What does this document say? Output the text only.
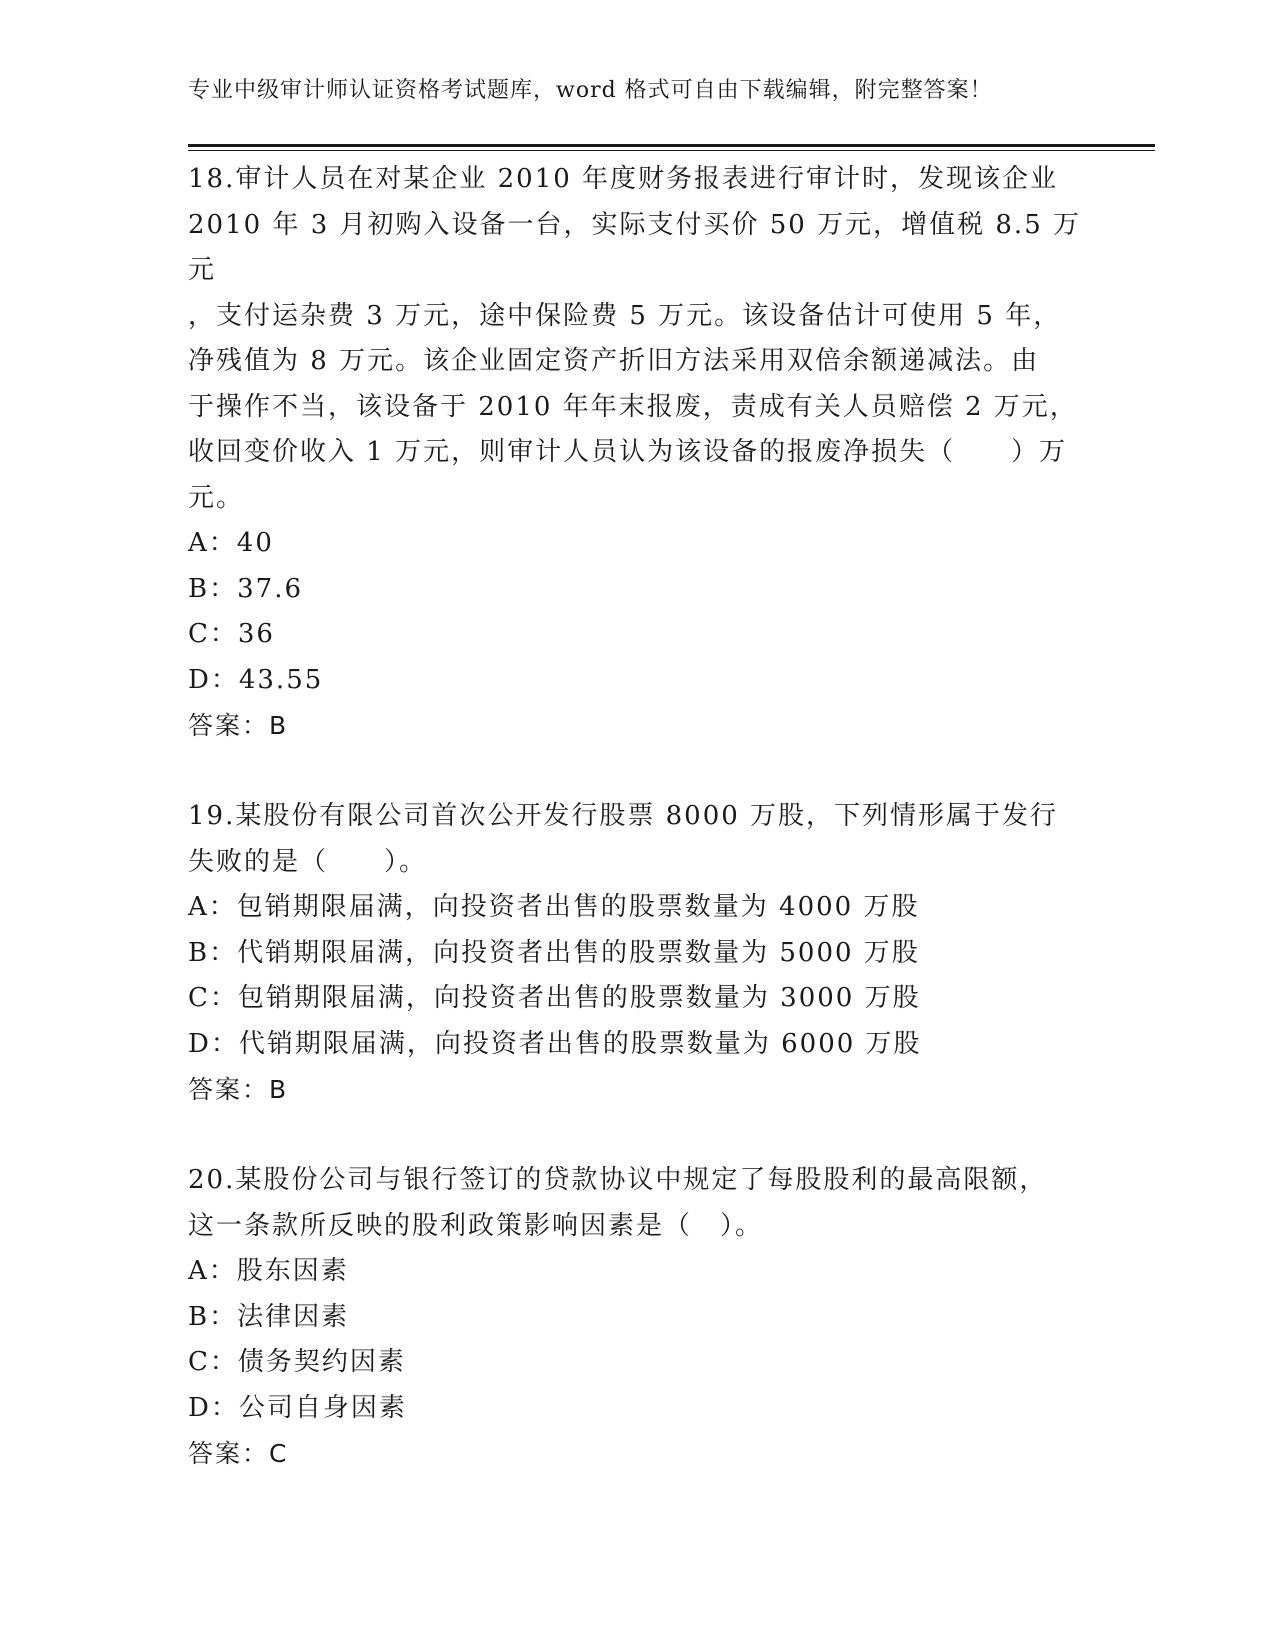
专业中级审计师认证资格考试题库，word 格式可自由下载编辑，附完整答案！

18.审计人员在对某企业 2010 年度财务报表进行审计时，发现该企业

2010 年 3 月初购入设备一台，实际支付买价 50 万元，增值税 8.5 万元

，支付运杂费 3 万元，途中保险费 5 万元。该设备估计可使用 5 年，

净残值为 8 万元。该企业固定资产折旧方法采用双倍余额递减法。由

于操作不当，该设备于 2010 年年末报废，责成有关人员赔偿 2 万元，

收回变价收入 1 万元，则审计人员认为该设备的报废净损失（　　）万

元。

A：40

B：37.6

C：36

D：43.55

答案：B

19.某股份有限公司首次公开发行股票 8000 万股，下列情形属于发行

失败的是（　　）。

A：包销期限届满，向投资者出售的股票数量为 4000 万股

B：代销期限届满，向投资者出售的股票数量为 5000 万股

C：包销期限届满，向投资者出售的股票数量为 3000 万股

D：代销期限届满，向投资者出售的股票数量为 6000 万股

答案：B

20.某股份公司与银行签订的贷款协议中规定了每股股利的最高限额，

这一条款所反映的股利政策影响因素是（　）。

A：股东因素

B：法律因素

C：债务契约因素

D：公司自身因素

答案：C
